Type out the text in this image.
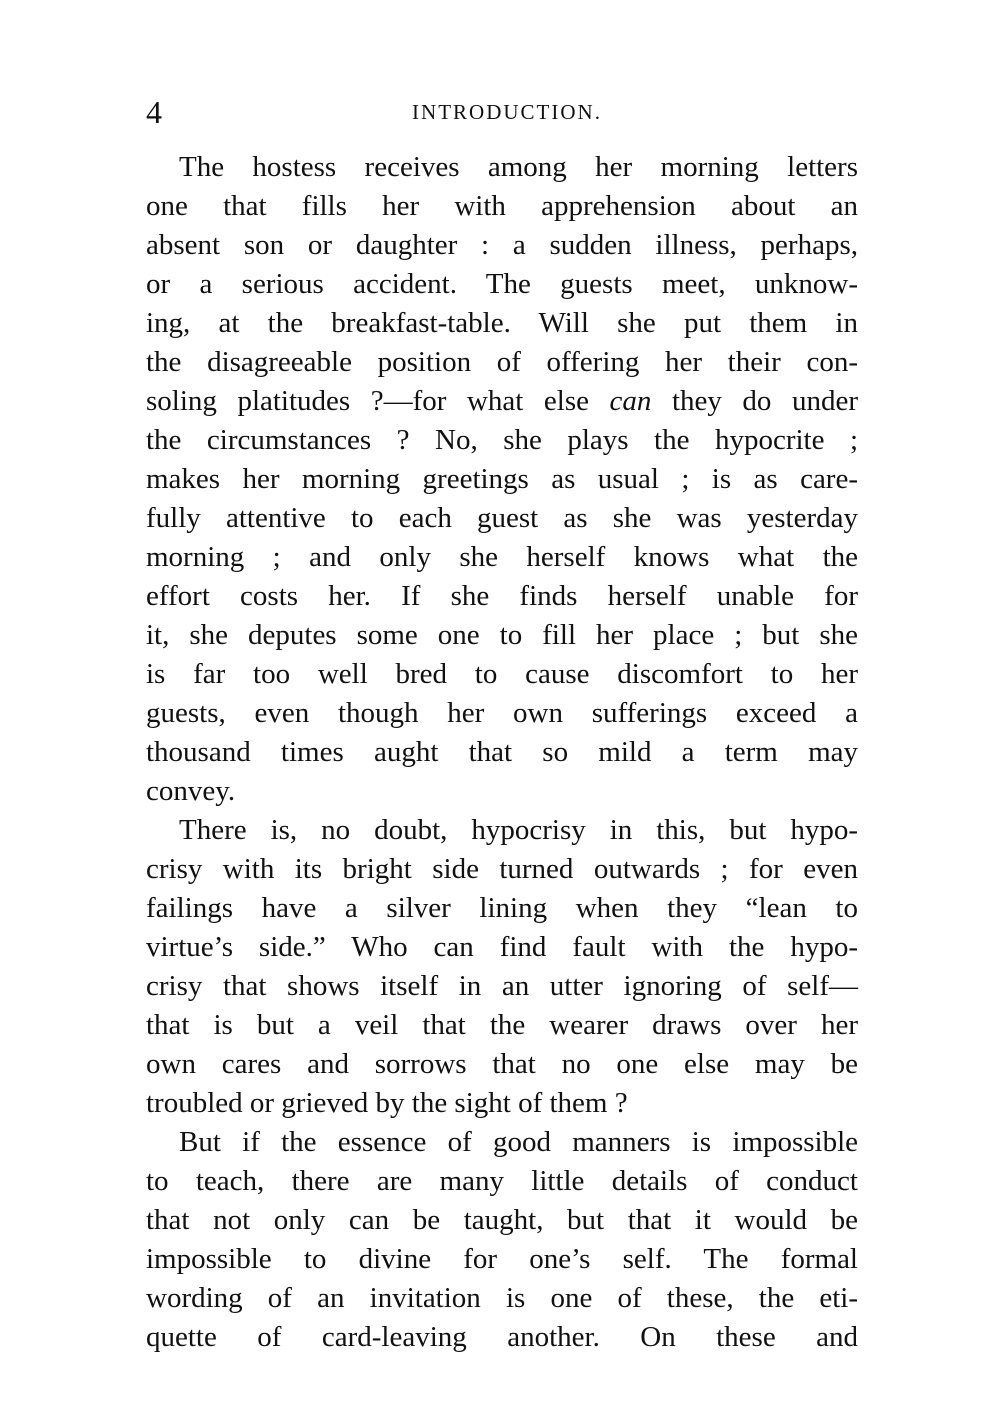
4	INTRODUCTION.
The hostess receives among her morning letters
one that fills her with apprehension about an
absent son or daughter : a sudden illness, perhaps,
or a serious accident. The guests meet, unknow-
ing, at the breakfast-table. Will she put them in
the disagreeable position of offering her their con-
soling platitudes ?—for what else can they do under
the circumstances ? No, she plays the hypocrite ;
makes her morning greetings as usual ; is as care-
fully attentive to each guest as she was yesterday
morning ; and only she herself knows what the
effort costs her. If she finds herself unable for
it, she deputes some one to fill her place ; but she
is far too well bred to cause discomfort to her
guests, even though her own sufferings exceed a
thousand times aught that so mild a term may
convey.
There is, no doubt, hypocrisy in this, but hypo-
crisy with its bright side turned outwards ; for even
failings have a silver lining when they “lean to
virtue’s side.” Who can find fault with the hypo-
crisy that shows itself in an utter ignoring of self—
that is but a veil that the wearer draws over her
own cares and sorrows that no one else may be
troubled or grieved by the sight of them ?
But if the essence of good manners is impossible
to teach, there are many little details of conduct
that not only can be taught, but that it would be
impossible to divine for one’s self. The formal
wording of an invitation is one of these, the eti-
quette of card-leaving another. On these and
